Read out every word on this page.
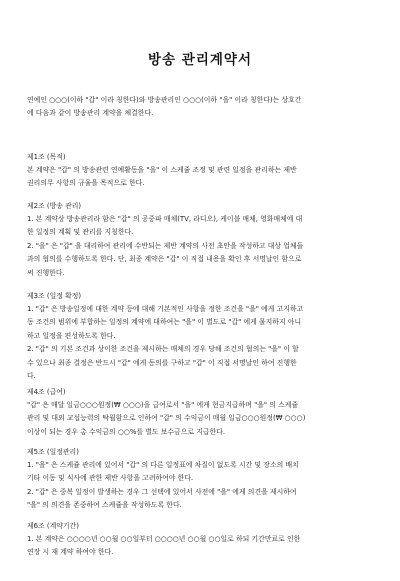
방송 관리계약서
연예인 ○○○(이하 "갑" 이라 칭한다)와 방송관리인 ○○○(이하 "을" 이라 칭한다)는 상호간
에 다음과 같이 방송관리 계약을 체결한다.
제1조 (목적)
본 계약은 "갑" 의 방송관련 연예활동을 "을" 이 스케쥴 조정 및 관련 일정을 관리하는 제반
권리의무 사항의 규율을 목적으로 한다.
제2조 (방송 관리)
1. 본 계약상 방송관리라 함은 "갑" 의 공중파 매체(TV, 라디오), 케이블 매체, 영화매체에 대
한 일정의 계획 및 관리를 지칭한다.
2. "을" 은 "갑" 을 대리하여 관리에 수반되는 제반 계약의 사전 초안을 작성하고 대상 업체들
과의 협의를 수행하도록 한다. 단, 최종 계약은 "갑" 이 직접 내용을 확인 후 서명날인 함으로
써 진행한다.
제3조 (일정 확정)
1. "갑" 은 방송일정에 대한 계약 등에 대해 기본적인 사항을 정한 조건을 "을" 에게 고지하고
동 조건의 범위에 부합하는 일정의 계약에 대하여는 "을" 이 별도로 "갑" 에게 물지하지 아니
하고 일정을 편성하도록 한다.
2. "갑" 의 기본 조건과 상이한 조건을 제시하는 매체의 경우 당해 조건의 협의는 "을" 이 할
수 있으나 최종 결정은 반드시 "갑" 에게 동의를 구하고 "갑" 이 직접 서명날인 하여 진행한
다.
제4조 (급여)
"갑" 은 매달 일금○○○원정(₩ ○○○)을 급여로서 "을" 에게 현금지급하며 "을" 의 스케쥴
관리 및 대외 교섭능력의 탁월함으로 인하여 "갑" 의 수익금이 매월 일금○○○원정(₩ ○○○)
이상이 되는 경우 총 수익금의 ○○%를 별도 보수금으로 지급한다.
제5조 (일정관리)
1. "을" 은 스케쥴 관리에 있어서 "갑" 의 다른 일정표에 차질이 없도록 시간 및 장소의 배치
기타 이동 및 식사에 관한 제반 사항을 고려하여야 한다.
2. "갑" 은 중복 일정이 발생하는 경우 그 선택에 있어서 사전에 "을" 에게 의견을 제시하여
"을" 의 의견을 존중하여 스케쥴을 작성하도록 한다.
제6조 (계약기간)
1. 본 계약은 ○○○○년 ○○월 ○○일부터 ○○○○년 ○○월 ○○일로 하되 기간만료로 인한
연장 시 재 계약 하여야 한다.
